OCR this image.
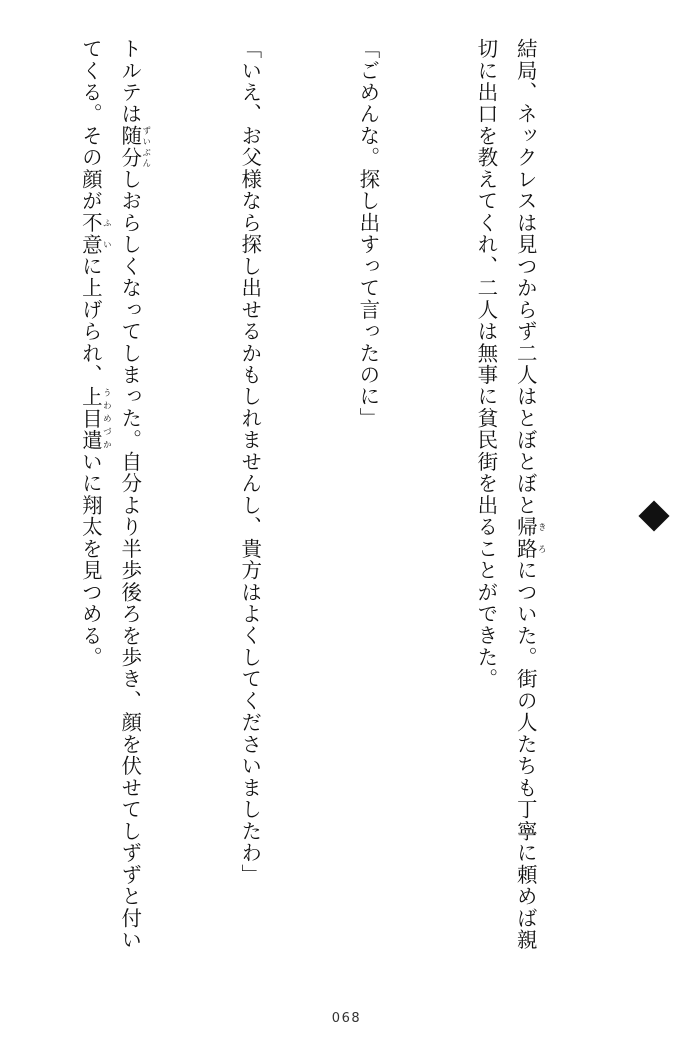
結局、ネックレスは見つからず二人はとぼとぼと帰路 きろについた。街の人たちも丁寧に頼めば親切に出口を教えてくれ、二人は無事に貧民街を出ることができた。

「ごめんな。探し出すって言ったのに」

「いえ、お父様なら探し出せるかもしれませんし、貴方はよくしてくださいましたわ」

トルテは随分 ずいぶんしおらしくなってしまった。自分より半歩後ろを歩き、顔を伏せてしずずと付いてくる。その顔が不意 ふいに上げられ、上目遣 うわめづかいに翔太を見つめる。

068
